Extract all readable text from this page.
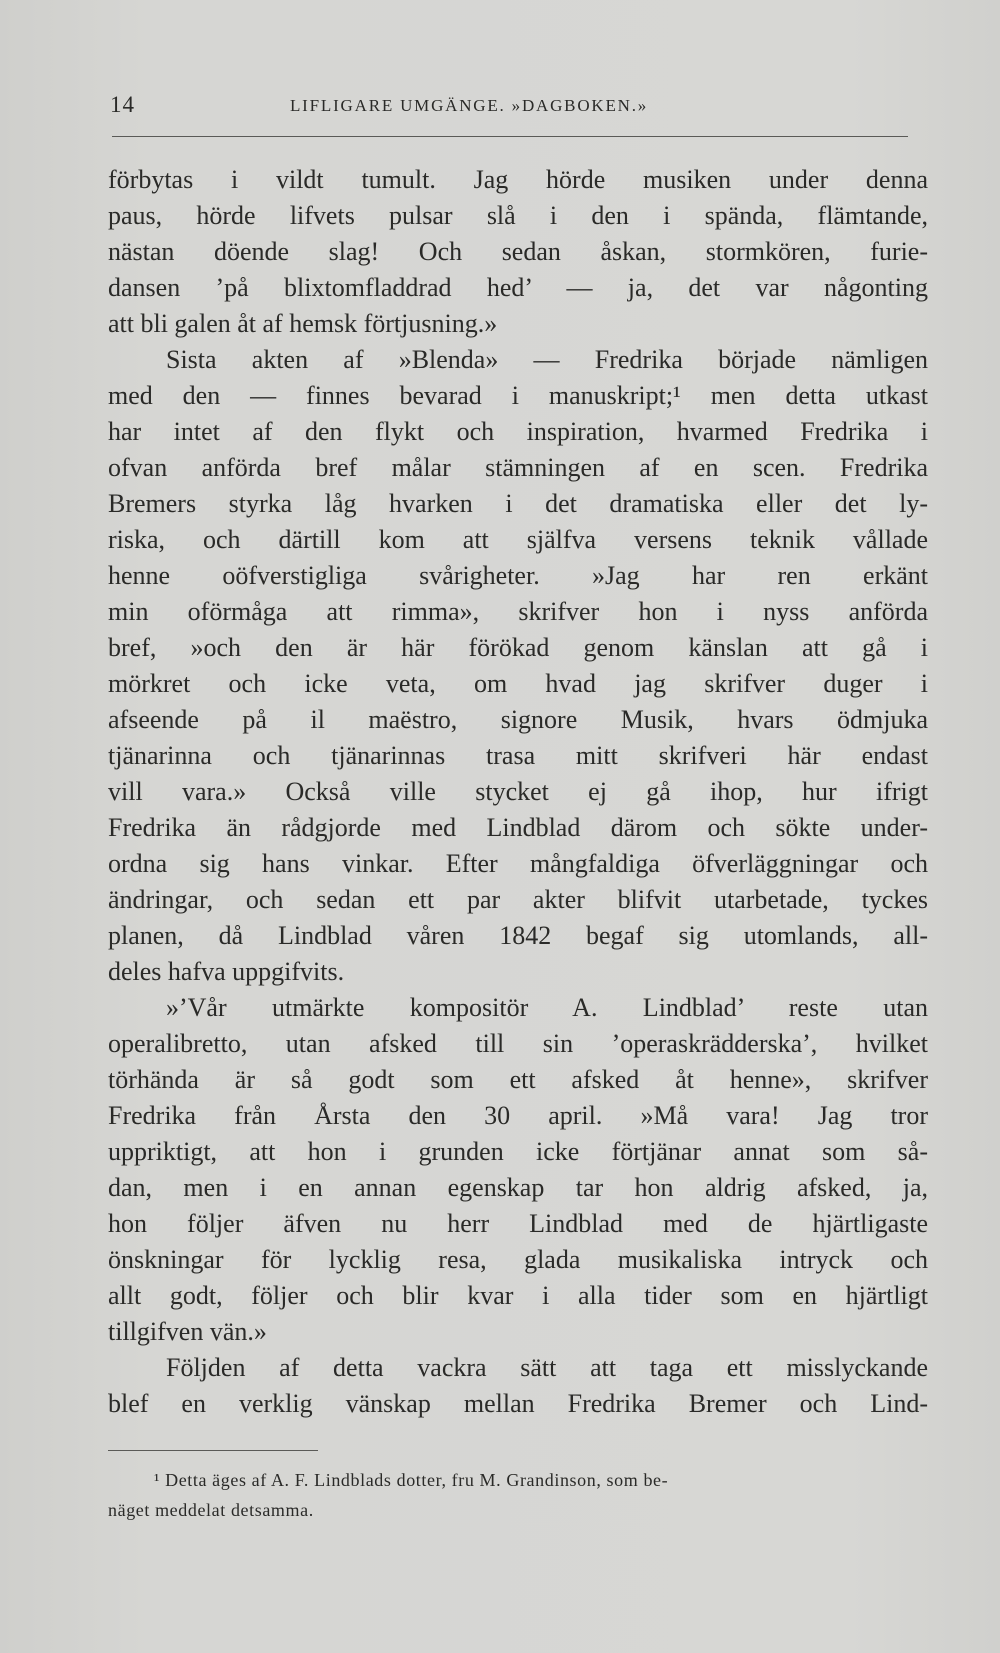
14	LIFLIGARE UMGÄNGE. »DAGBOKEN.»
förbytas i vildt tumult. Jag hörde musiken under denna
paus, hörde lifvets pulsar slå i den i spända, flämtande,
nästan döende slag! Och sedan åskan, stormkören, furie-
dansen ’på blixtomfladdrad hed’ — ja, det var någonting
att bli galen åt af hemsk förtjusning.»
Sista akten af »Blenda» — Fredrika började nämligen
med den — finnes bevarad i manuskript;¹ men detta utkast
har intet af den flykt och inspiration, hvarmed Fredrika i
ofvan anförda bref målar stämningen af en scen. Fredrika
Bremers styrka låg hvarken i det dramatiska eller det ly-
riska, och därtill kom att själfva versens teknik vållade
henne oöfverstigliga svårigheter. »Jag har ren erkänt
min oförmåga att rimma», skrifver hon i nyss anförda
bref, »och den är här förökad genom känslan att gå i
mörkret och icke veta, om hvad jag skrifver duger i
afseende på il maëstro, signore Musik, hvars ödmjuka
tjänarinna och tjänarinnas trasa mitt skrifveri här endast
vill vara.» Också ville stycket ej gå ihop, hur ifrigt
Fredrika än rådgjorde med Lindblad därom och sökte under-
ordna sig hans vinkar. Efter mångfaldiga öfverläggningar och
ändringar, och sedan ett par akter blifvit utarbetade, tyckes
planen, då Lindblad våren 1842 begaf sig utomlands, all-
deles hafva uppgifvits.
»’Vår utmärkte kompositör A. Lindblad’ reste utan
operalibretto, utan afsked till sin ’operaskrädderska’, hvilket
törhända är så godt som ett afsked åt henne», skrifver
Fredrika från Årsta den 30 april. »Må vara! Jag tror
uppriktigt, att hon i grunden icke förtjänar annat som så-
dan, men i en annan egenskap tar hon aldrig afsked, ja,
hon följer äfven nu herr Lindblad med de hjärtligaste
önskningar för lycklig resa, glada musikaliska intryck och
allt godt, följer och blir kvar i alla tider som en hjärtligt
tillgifven vän.»
Följden af detta vackra sätt att taga ett misslyckande
blef en verklig vänskap mellan Fredrika Bremer och Lind-
¹ Detta äges af A. F. Lindblads dotter, fru M. Grandinson, som be-
näget meddelat detsamma.
